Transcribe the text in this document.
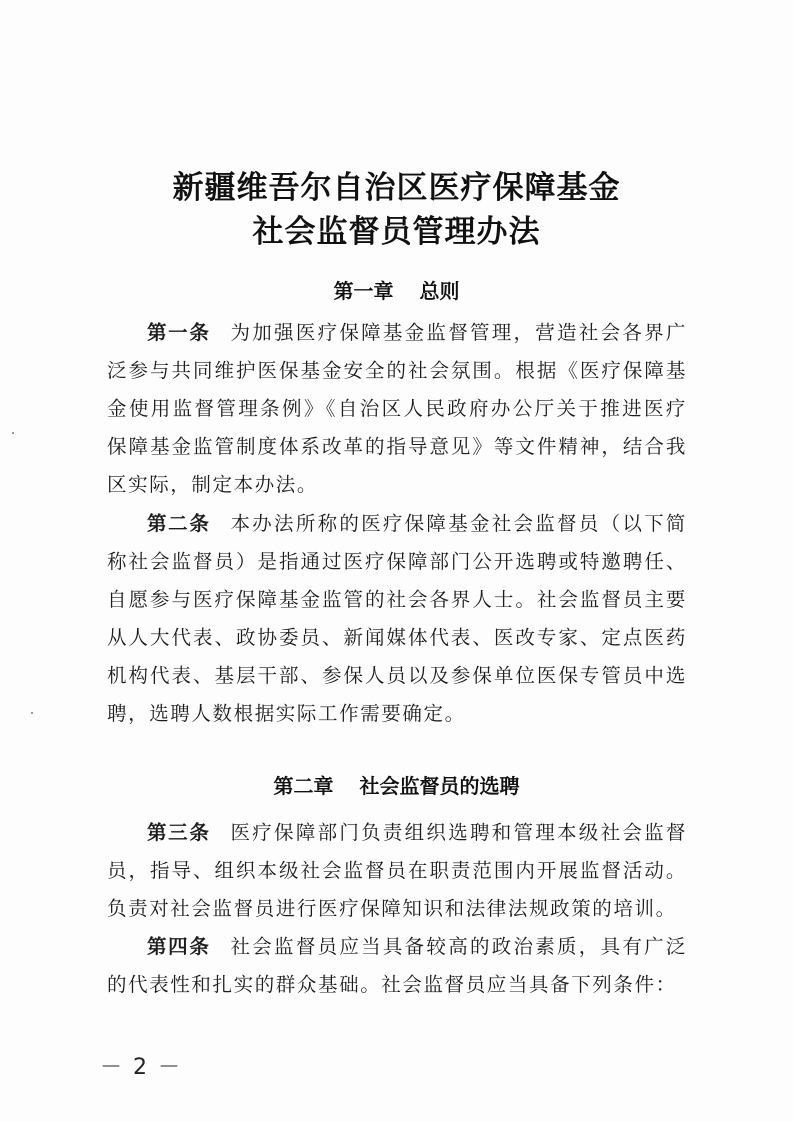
新疆维吾尔自治区医疗保障基金
社会监督员管理办法
第一章 总则
第一条 为加强医疗保障基金监督管理，营造社会各界广泛参与共同维护医保基金安全的社会氛围。根据《医疗保障基金使用监督管理条例》《自治区人民政府办公厅关于推进医疗保障基金监管制度体系改革的指导意见》等文件精神，结合我区实际，制定本办法。
第二条 本办法所称的医疗保障基金社会监督员（以下简称社会监督员）是指通过医疗保障部门公开选聘或特邀聘任、自愿参与医疗保障基金监管的社会各界人士。社会监督员主要从人大代表、政协委员、新闻媒体代表、医改专家、定点医药机构代表、基层干部、参保人员以及参保单位医保专管员中选聘，选聘人数根据实际工作需要确定。
第二章 社会监督员的选聘
第三条 医疗保障部门负责组织选聘和管理本级社会监督员，指导、组织本级社会监督员在职责范围内开展监督活动。负责对社会监督员进行医疗保障知识和法律法规政策的培训。
第四条 社会监督员应当具备较高的政治素质，具有广泛的代表性和扎实的群众基础。社会监督员应当具备下列条件：
－ 2 －
